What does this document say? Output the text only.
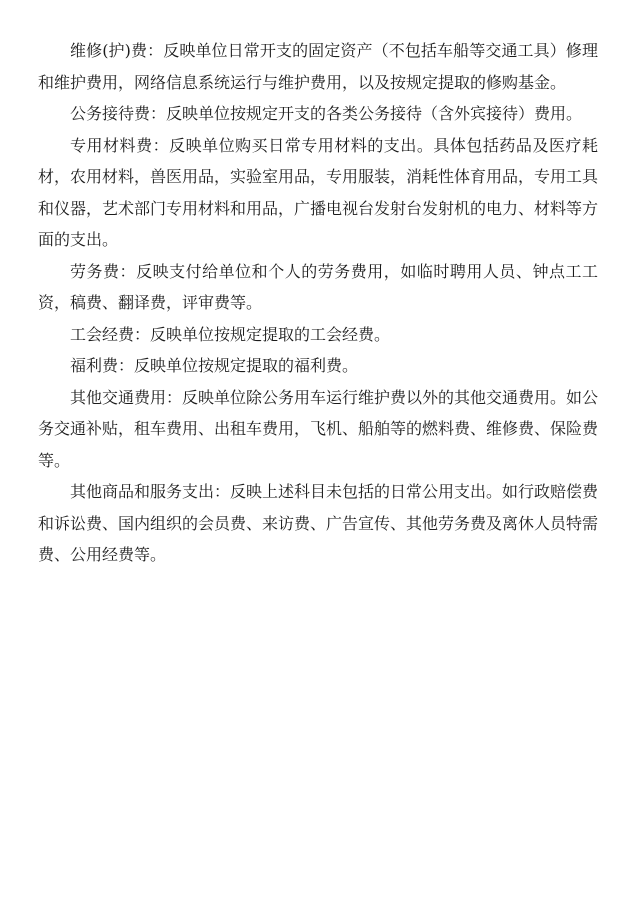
维修(护)费：反映单位日常开支的固定资产（不包括车船等交通工具）修理和维护费用，网络信息系统运行与维护费用，以及按规定提取的修购基金。

公务接待费：反映单位按规定开支的各类公务接待（含外宾接待）费用。

专用材料费：反映单位购买日常专用材料的支出。具体包括药品及医疗耗材，农用材料，兽医用品，实验室用品，专用服装，消耗性体育用品，专用工具和仪器，艺术部门专用材料和用品，广播电视台发射台发射机的电力、材料等方面的支出。

劳务费：反映支付给单位和个人的劳务费用，如临时聘用人员、钟点工工资，稿费、翻译费，评审费等。

工会经费：反映单位按规定提取的工会经费。

福利费：反映单位按规定提取的福利费。

其他交通费用：反映单位除公务用车运行维护费以外的其他交通费用。如公务交通补贴，租车费用、出租车费用，飞机、船舶等的燃料费、维修费、保险费等。

其他商品和服务支出：反映上述科目未包括的日常公用支出。如行政赔偿费和诉讼费、国内组织的会员费、来访费、广告宣传、其他劳务费及离休人员特需费、公用经费等。
